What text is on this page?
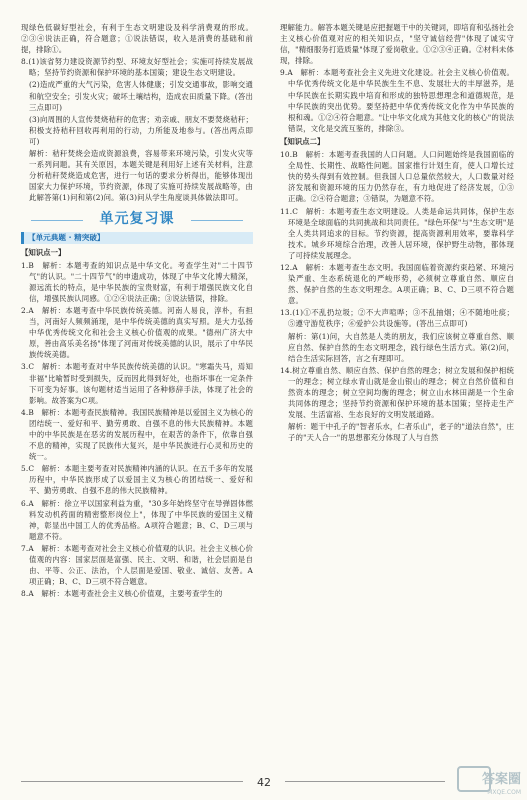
现绿色低碳好型社会，有利于生态文明建设及科学消费观的形成。②③④说法正确，符合题意；①说法错误，收入是消费的基础和前提，排除①。

8.(1)该省努力建设资源节约型、环境友好型社会；实施可持续发展战略；坚持节约资源和保护环境的基本国策；建设生态文明建设。

(2)造成严重的大气污染，危害人体健康；引发交通事故，影响交通和航空安全；引发火灾；破坏土壤结构，造成农田质量下降。(答出三点即可)

(3)向周围的人宣传焚烧秸秆的危害；劝亲戚、朋友不要焚烧秸秆；积极支持秸秆回收再利用的行动，力所能及地参与。(答出两点即可)

解析：秸秆焚烧会造成资源浪费，容易带来环境污染，引发火灾等一系列问题。其有关原因，本题关键是利用好上述有关材料，注意分析秸秆焚烧造成危害，进行一句话的要求分析得出，能够体现出国家大力保护环境，节约资源，体现了实施可持续发展战略等，由此解答第(1)问和第(2)问。第(3)问从学生角度谈具体做法即可。

单元复习课
【单元典题 · 精突破】
【知识点一】

1.B　解析：本题考查的知识点是中华文化。考查学生对"二十四节气"的认识。"二十四节气"的申遗成功，体现了中华文化博大精深，源远流长的特点，是中华民族的宝贵财富，有利于增强民族文化自信，增强民族认同感。①②④说法正确；③说法错误，排除。

2.A　解析：本题考查中华民族传统美德。河南人易良，淳朴，有担当，河南好人频频涌现，是中华传统美德的真实写照。是大力弘扬中华优秀传统文化和社会主义核心价值观的成果。"德州广济大中原，善由高乐美名扬"体现了河南对传统美德的认识，展示了中华民族传统美德。

3.C　解析：本题考查对中华民族传统美德的认识。"寒霜失马，焉知非福"比喻暂时受到损失，反而因此得到好处，也指坏事在一定条件下可变为好事。该句题材适当运用了各种修辞手法，体现了社会的影响。故答案为C项。

4.B　解析：本题考查民族精神。我国民族精神是以爱国主义为核心的团结统一、爱好和平、勤劳勇敢、自强不息的伟大民族精神。本题中的中华民族是在恶劣的发展历程中，在艰苦的条件下，依靠自强不息的精神，实现了民族伟大复兴，是中华民族进行心灵和历史的统一。

5.C　解析：本题主要考查对民族精神内涵的认识。在五千多年的发展历程中，中华民族形成了以爱国主义为核心的团结统一、爱好和平、勤劳勇敢、自强不息的伟大民族精神。

6.A　解析：徐立平以国家利益为重，"30多年始终坚守在导弹固体燃料发动机药面的精密整形岗位上"，体现了中华民族的爱国主义精神，彰显出中国工人的优秀品格。A项符合题意；B、C、D三项与题意不符。

7.A　解析：本题考查对社会主义核心价值观的认识。社会主义核心价值观的内容：国家层面是富强、民主、文明、和谐，社会层面是自由、平等、公正、法治，个人层面是爱国、敬业、诚信、友善。A项正确；B、C、D三项不符合题意。

8.A　解析：本题考查社会主义核心价值观，主要考查学生的

理解能力。解答本题关键是应把握题干中的关键词，即培育和弘扬社会主义核心价值观对应的相关知识点，"坚守诚信经营"体现了诚实守信，"精细服务打造质量"体现了爱岗敬业。①②③④正确。②材料未体现，排除。

9.A　解析：本题考查社会主义先进文化建设。社会主义核心价值观。中华优秀传统文化是中华民族生生不息、发展壮大的丰厚滋养，是中华民族在长期实践中培育和形成的独特思想理念和道德规范，是中华民族的突出优势。要坚持把中华优秀传统文化作为中华民族的根和魂。①②④符合题意。"让中华文化成为其他文化的核心"的说法错误，文化是交流互鉴的，排除③。

【知识点二】

10.B　解析：本题考查我国的人口问题。人口问题始终是我国面临的全局性、长期性、战略性问题。国家推行计划生育，使人口增长过快的势头得到有效控制。但我国人口总量依然较大，人口数量对经济发展和资源环境的压力仍然存在，有力地促进了经济发展，①③正确。②④符合题意；③错误，为题意不符。

11.C　解析：本题考查生态文明建设。人类是命运共同体，保护生态环境是全球面临的共同挑战和共同责任。"绿色环保"与"生态文明"是全人类共同追求的目标。节约资源，提高资源利用效率，要靠科学技术。城乡环境综合治理，改善人居环境，保护野生动物，都体现了可持续发展理念。

12.A　解析：本题考查生态文明。我国面临着资源约束趋紧、环境污染严重、生态系统退化的严峻形势，必须树立尊重自然、顺应自然、保护自然的生态文明理念。A项正确；B、C、D三项不符合题意。

13.(1)①不乱扔垃圾；②不大声喧哗；③不乱抽烟；④不随地吐痰；⑤遵守游览秩序；⑥爱护公共设施等。(答出三点即可)

解析：第(1)问，大自然是人类的朋友，我们应该树立尊重自然、顺应自然、保护自然的生态文明理念，践行绿色生活方式。第(2)问，结合生活实际回答，言之有理即可。

14.树立尊重自然、顺应自然、保护自然的理念；树立发展和保护相统一的理念；树立绿水青山就是金山银山的理念；树立自然价值和自然资本的理念；树立空间均衡的理念；树立山水林田湖是一个生命共同体的理念；坚持节约资源和保护环境的基本国策；坚持走生产发展、生活富裕、生态良好的文明发展道路。

解析：题干中孔子的"智者乐水，仁者乐山"，老子的"道法自然"，庄子的"天人合一"的思想都充分体现了人与自然

42	答案圈
MXQE.COM
